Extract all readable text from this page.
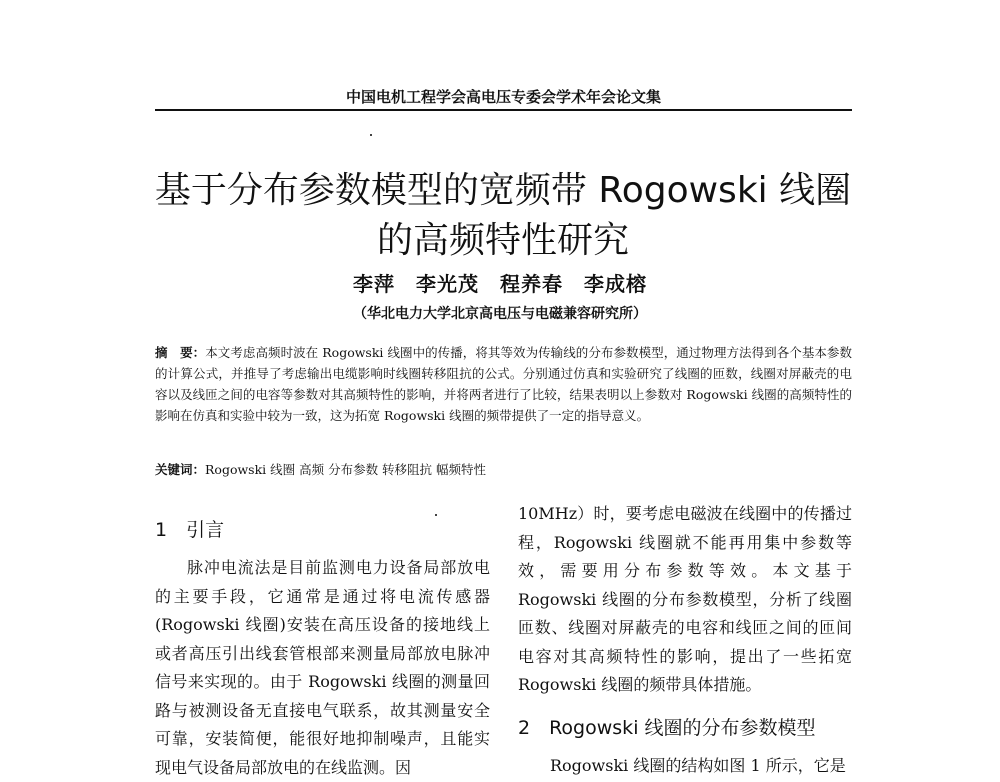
中国电机工程学会高电压专委会学术年会论文集
基于分布参数模型的宽频带 Rogowski 线圈
的高频特性研究
李萍　李光茂　程养春　李成榕
（华北电力大学北京高电压与电磁兼容研究所）
摘　要：本文考虑高频时波在 Rogowski 线圈中的传播，将其等效为传输线的分布参数模型，通过物理方法得到各个基本参数的计算公式，并推导了考虑输出电缆影响时线圈转移阻抗的公式。分别通过仿真和实验研究了线圈的匝数，线圈对屏蔽壳的电容以及线匝之间的电容等参数对其高频特性的影响，并将两者进行了比较，结果表明以上参数对 Rogowski 线圈的高频特性的影响在仿真和实验中较为一致，这为拓宽 Rogowski 线圈的频带提供了一定的指导意义。
关键词：Rogowski 线圈 高频 分布参数 转移阻抗 幅频特性
1　引言

脉冲电流法是目前监测电力设备局部放电的主要手段，它通常是通过将电流传感器(Rogowski 线圈)安装在高压设备的接地线上或者高压引出线套管根部来测量局部放电脉冲信号来实现的。由于 Rogowski 线圈的测量回路与被测设备无直接电气联系，故其测量安全可靠，安装简便，能很好地抑制噪声，且能实现电气设备局部放电的在线监测。因

10MHz）时，要考虑电磁波在线圈中的传播过程，Rogowski 线圈就不能再用集中参数等效，需要用分布参数等效。本文基于 Rogowski 线圈的分布参数模型，分析了线圈匝数、线圈对屏蔽壳的电容和线匝之间的匝间电容对其高频特性的影响，提出了一些拓宽 Rogowski 线圈的频带具体措施。

2　Rogowski 线圈的分布参数模型

Rogowski 线圈的结构如图 1 所示，它是
